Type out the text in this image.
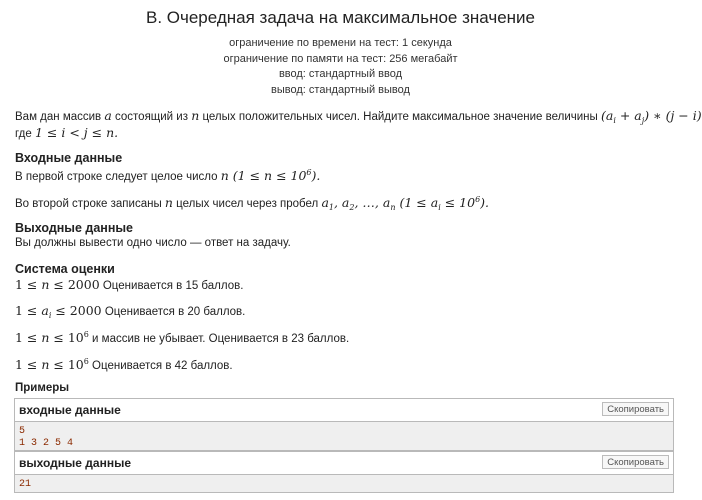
B. Очередная задача на максимальное значение
ограничение по времени на тест: 1 секунда
ограничение по памяти на тест: 256 мегабайт
ввод: стандартный ввод
вывод: стандартный вывод
Вам дан массив a состоящий из n целых положительных чисел. Найдите максимальное значение величины $(a_i + a_j)$ ∗ (j − i)
где 1 ≤ i < j ≤ n.
Входные данные
В первой строке следует целое число n $(1 \le n \le 10^6)$.
Во второй строке записаны n целых чисел через пробел $a_1$, $a_2$, …, $a_n$ $(1 \le a_i \le 10^6)$.
Выходные данные
Вы должны вывести одно число — ответ на задачу.
Система оценки
1 ≤ n ≤ 2000 Оценивается в 15 баллов.
$1 \le a_i \le 2000$ Оценивается в 20 баллов.
$1 \le n \le 10^6$ и массив не убывает. Оценивается в 23 баллов.
$1 \le n \le 10^6$ Оценивается в 42 баллов.
Примеры
входные данные	Скопировать
5
1 3 2 5 4
выходные данные	Скопировать
21
